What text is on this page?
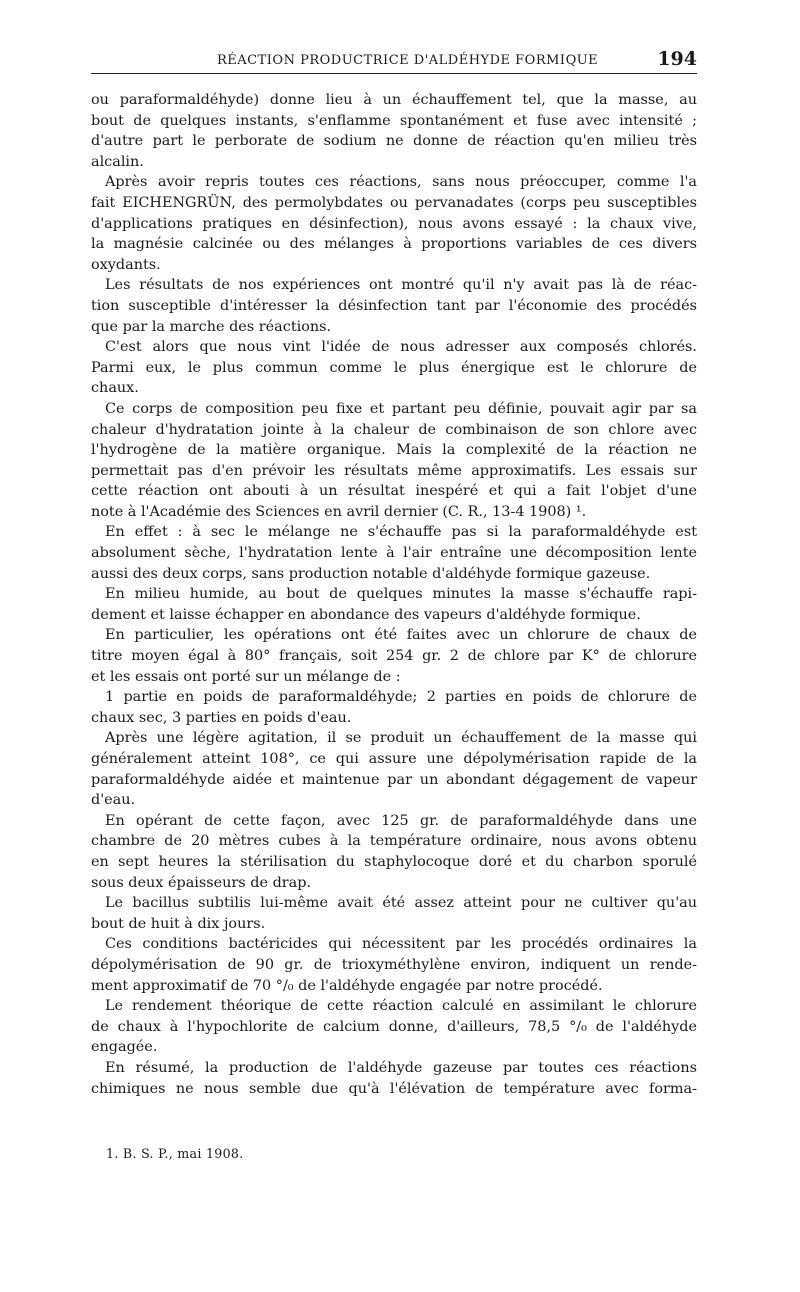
RÉACTION PRODUCTRICE D'ALDÉHYDE FORMIQUE	194
ou paraformaldéhyde) donne lieu à un échauffement tel, que la masse, au
bout de quelques instants, s'enflamme spontanément et fuse avec intensité ;
d'autre part le perborate de sodium ne donne de réaction qu'en milieu très
alcalin.
Après avoir repris toutes ces réactions, sans nous préoccuper, comme l'a
fait EICHENGRÜN, des permolybdates ou pervanadates (corps peu susceptibles
d'applications pratiques en désinfection), nous avons essayé : la chaux vive,
la magnésie calcinée ou des mélanges à proportions variables de ces divers
oxydants.
Les résultats de nos expériences ont montré qu'il n'y avait pas là de réac-
tion susceptible d'intéresser la désinfection tant par l'économie des procédés
que par la marche des réactions.
C'est alors que nous vint l'idée de nous adresser aux composés chlorés.
Parmi eux, le plus commun comme le plus énergique est le chlorure de
chaux.
Ce corps de composition peu fixe et partant peu définie, pouvait agir par sa
chaleur d'hydratation jointe à la chaleur de combinaison de son chlore avec
l'hydrogène de la matière organique. Mais la complexité de la réaction ne
permettait pas d'en prévoir les résultats même approximatifs. Les essais sur
cette réaction ont abouti à un résultat inespéré et qui a fait l'objet d'une
note à l'Académie des Sciences en avril dernier (C. R., 13-4 1908) ¹.
En effet : à sec le mélange ne s'échauffe pas si la paraformaldéhyde est
absolument sèche, l'hydratation lente à l'air entraîne une décomposition lente
aussi des deux corps, sans production notable d'aldéhyde formique gazeuse.
En milieu humide, au bout de quelques minutes la masse s'échauffe rapi-
dement et laisse échapper en abondance des vapeurs d'aldéhyde formique.
En particulier, les opérations ont été faites avec un chlorure de chaux de
titre moyen égal à 80° français, soit 254 gr. 2 de chlore par K° de chlorure
et les essais ont porté sur un mélange de :
1 partie en poids de paraformaldéhyde; 2 parties en poids de chlorure de
chaux sec, 3 parties en poids d'eau.
Après une légère agitation, il se produit un échauffement de la masse qui
généralement atteint 108°, ce qui assure une dépolymérisation rapide de la
paraformaldéhyde aidée et maintenue par un abondant dégagement de vapeur
d'eau.
En opérant de cette façon, avec 125 gr. de paraformaldéhyde dans une
chambre de 20 mètres cubes à la température ordinaire, nous avons obtenu
en sept heures la stérilisation du staphylocoque doré et du charbon sporulé
sous deux épaisseurs de drap.
Le bacillus subtilis lui-même avait été assez atteint pour ne cultiver qu'au
bout de huit à dix jours.
Ces conditions bactéricides qui nécessitent par les procédés ordinaires la
dépolymérisation de 90 gr. de trioxyméthylène environ, indiquent un rende-
ment approximatif de 70 °/₀ de l'aldéhyde engagée par notre procédé.
Le rendement théorique de cette réaction calculé en assimilant le chlorure
de chaux à l'hypochlorite de calcium donne, d'ailleurs, 78,5 °/₀ de l'aldéhyde
engagée.
En résumé, la production de l'aldéhyde gazeuse par toutes ces réactions
chimiques ne nous semble due qu'à l'élévation de température avec forma-
1. B. S. P., mai 1908.
